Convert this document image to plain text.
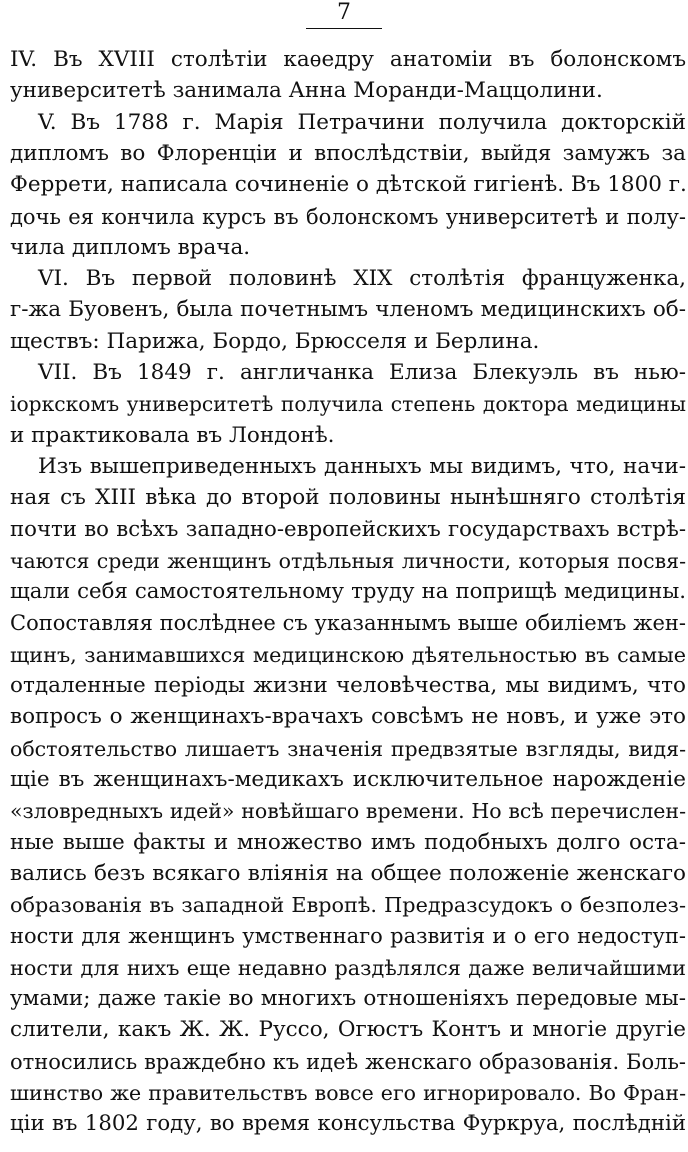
7
IV. Въ XVIII столѣтіи каѳедру анатоміи въ болонскомъ
университетѣ занимала Анна Моранди-Маццолини.
V. Въ 1788 г. Марія Петрачини получила докторскій
дипломъ во Флоренціи и впослѣдствіи, выйдя замужъ за
Феррети, написала сочиненіе о дѣтской гигіенѣ. Въ 1800 г.
дочь ея кончила курсъ въ болонскомъ университетѣ и полу-
чила дипломъ врача.
VI. Въ первой половинѣ XIX столѣтія француженка,
г-жа Буовенъ, была почетнымъ членомъ медицинскихъ об-
ществъ: Парижа, Бордо, Брюсселя и Берлина.
VII. Въ 1849 г. англичанка Елиза Блекуэль въ нью-
іоркскомъ университетѣ получила степень доктора медицины
и практиковала въ Лондонѣ.
Изъ вышеприведенныхъ данныхъ мы видимъ, что, начи-
ная съ XIII вѣка до второй половины нынѣшняго столѣтія
почти во всѣхъ западно-европейскихъ государствахъ встрѣ-
чаются среди женщинъ отдѣльныя личности, которыя посвя-
щали себя самостоятельному труду на поприщѣ медицины.
Сопоставляя послѣднее съ указаннымъ выше обиліемъ жен-
щинъ, занимавшихся медицинскою дѣятельностью въ самые
отдаленные періоды жизни человѣчества, мы видимъ, что
вопросъ о женщинахъ-врачахъ совсѣмъ не новъ, и уже это
обстоятельство лишаетъ значенія предвзятые взгляды, видя-
щіе въ женщинахъ-медикахъ исключительное нарожденіе
«зловредныхъ идей» новѣйшаго времени. Но всѣ перечислен-
ные выше факты и множество имъ подобныхъ долго оста-
вались безъ всякаго вліянія на общее положеніе женскаго
образованія въ западной Европѣ. Предразсудокъ о безполез-
ности для женщинъ умственнаго развитія и о его недоступ-
ности для нихъ еще недавно раздѣлялся даже величайшими
умами; даже такіе во многихъ отношеніяхъ передовые мы-
слители, какъ Ж. Ж. Руссо, Огюстъ Контъ и многіе другіе
относились враждебно къ идеѣ женскаго образованія. Боль-
шинство же правительствъ вовсе его игнорировало. Во Фран-
ціи въ 1802 году, во время консульства Фуркруа, послѣдній
